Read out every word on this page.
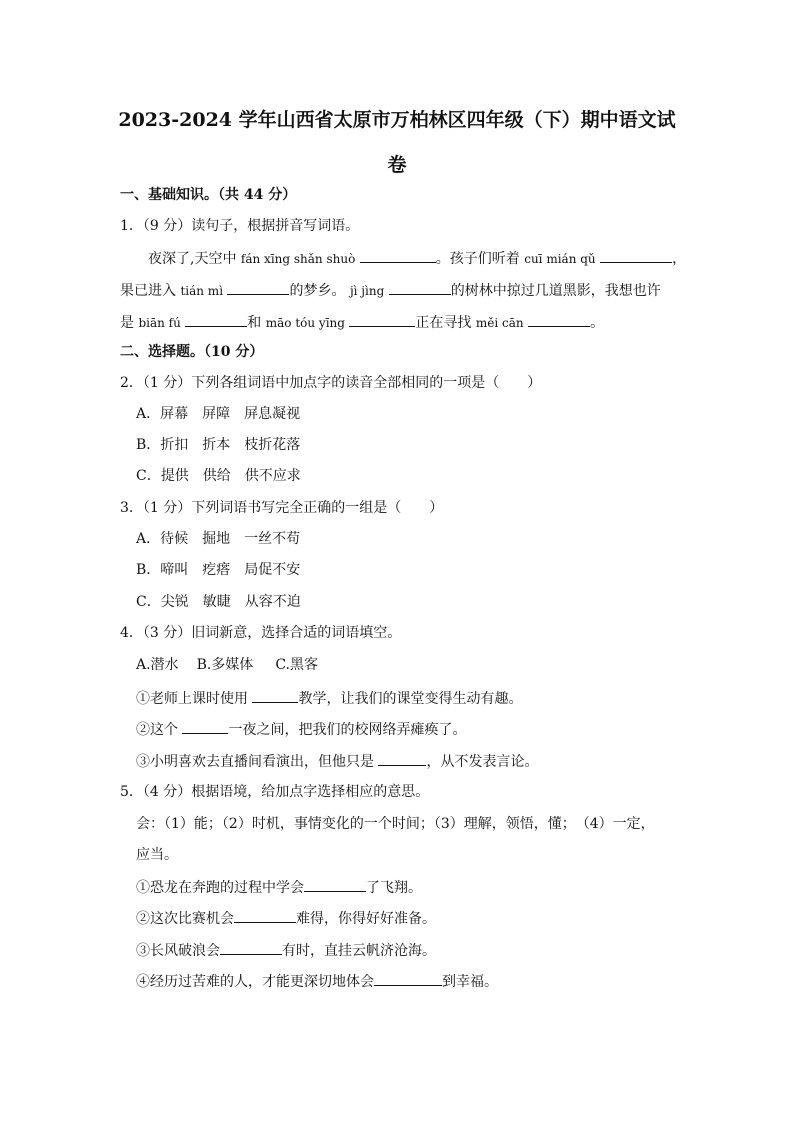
2023-2024 学年山西省太原市万柏林区四年级（下）期中语文试
卷
一、基础知识。（共 44 分）
1．（9 分）读句子，根据拼音写词语。
夜深了,天空中 fán xīng shǎn shuò	。孩子们听着 cuī mián qǔ	，
果已进入 tián mì	的梦乡。 jì jìng	的树林中掠过几道黑影，我想也许
是 biān fú	和 māo tóu yīng	正在寻找 měi cān	。
二、选择题。（10 分）
2．（1 分）下列各组词语中加点字的读音全部相同的一项是（　　）
A．屏幕 屏障 屏息凝视
B．折扣 折本 枝折花落
C．提供 供给 供不应求
3．（1 分）下列词语书写完全正确的一组是（　　）
A．待候 掘地 一丝不苟
B．啼叫 疙瘩 局促不安
C．尖锐 敏睫 从容不迫
4．（3 分）旧词新意，选择合适的词语填空。
A.潜水 B.多媒体 C.黑客
①老师上课时使用	教学，让我们的课堂变得生动有趣。
②这个	一夜之间，把我们的校网络弄瘫痪了。
③小明喜欢去直播间看演出，但他只是	，从不发表言论。
5．（4 分）根据语境，给加点字选择相应的意思。
会：（1）能；（2）时机，事情变化的一个时间；（3）理解，领悟，懂；　（4）一定，
应当。
①恐龙在奔跑的过程中学会	了飞翔。
②这次比赛机会	难得，你得好好准备。
③长风破浪会	有时，直挂云帆济沧海。
④经历过苦难的人，才能更深切地体会	到幸福。
